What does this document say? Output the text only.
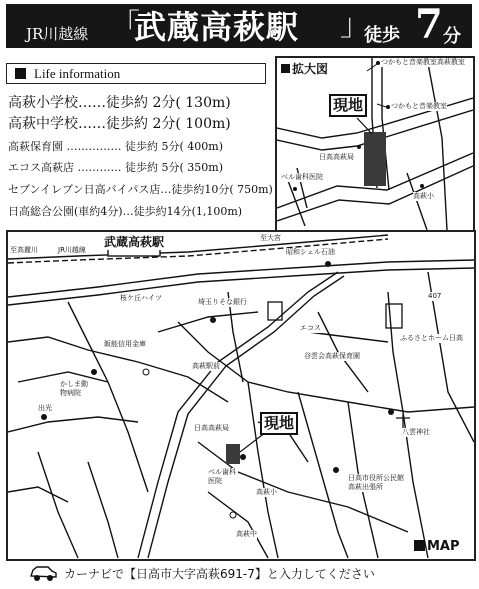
JR川越線 「
武蔵高萩駅 」
徒歩 7 分
Life information
高萩小学校……徒歩約 2分( 130m)
高萩中学校……徒歩約 2分( 100m)
高萩保育園 …………… 徒歩約 5分( 400m)
エコス高萩店 ………… 徒歩約 5分( 350m)
セブンイレブン日高バイパス店…徒歩約10分( 750m)
日高総合公園(車約4分)…徒歩約14分(1,100m)
拡大図
現地
つかもと音楽教室高萩教室
つかもと音楽教室
日高高萩局
ベル歯科医院
高萩小
武蔵高萩駅
現地
MAP
至高麗川	JR川越線
至大宮
昭和シェル石油
桜ケ丘ハイツ	埼玉りそな銀行
エコス
飯能信用金庫
高萩駅前
かしま動物病院
谷雲会高萩保育園
ふるさとホーム日高
出光
八雲神社
日高高萩局
ベル歯科医院
高萩小
日高市役所公民館高萩出張所
高萩中
407
カーナビで【日高市大字高萩691-7】と入力してください
